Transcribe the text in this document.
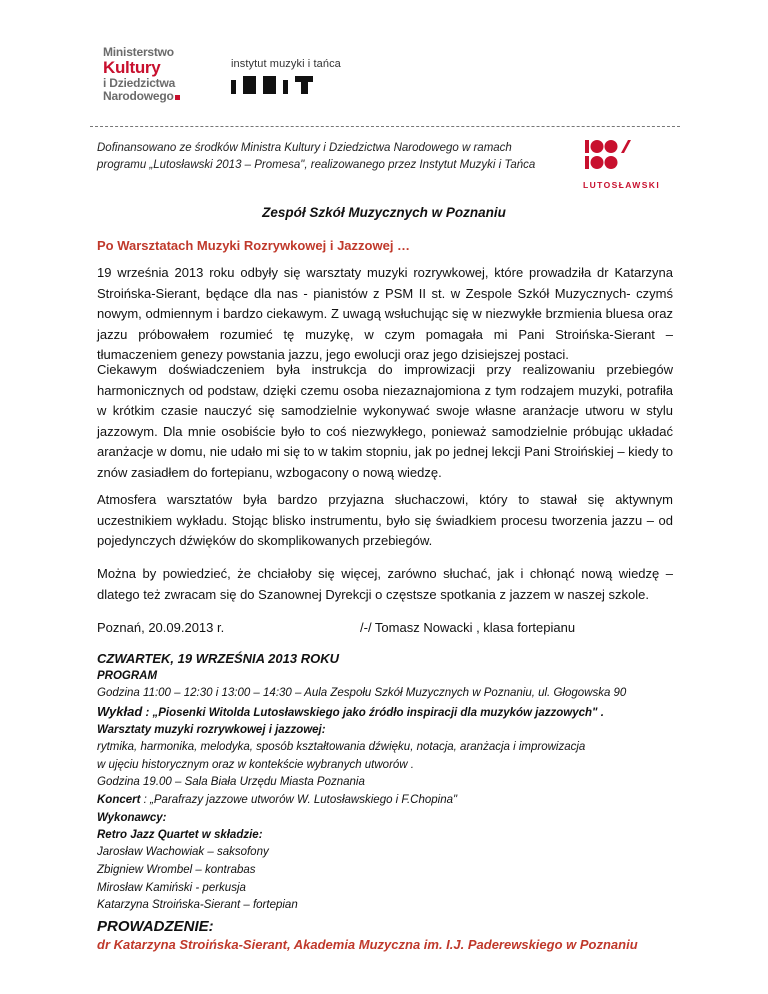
Ministerstwo
Kultury
i Dziedzictwa
Narodowego
instytut muzyki i tańca
Dofinansowano ze środków Ministra Kultury i Dziedzictwa Narodowego w ramach
programu „Lutosławski 2013 – Promesa", realizowanego przez Instytut Muzyki i Tańca
LUTOSŁAWSKI
Zespół Szkół Muzycznych w Poznaniu
Po Warsztatach Muzyki Rozrywkowej i Jazzowej …
19 września 2013 roku odbyły się warsztaty muzyki rozrywkowej, które prowadziła dr Katarzyna Stroińska-Sierant, będące dla nas - pianistów z PSM II st. w Zespole Szkół Muzycznych- czymś nowym, odmiennym i bardzo ciekawym. Z uwagą wsłuchując się w niezwykłe brzmienia bluesa oraz jazzu próbowałem rozumieć tę muzykę, w czym pomagała mi Pani Stroińska-Sierant – tłumaczeniem genezy powstania jazzu, jego ewolucji oraz jego dzisiejszej postaci.
Ciekawym doświadczeniem była instrukcja do improwizacji przy realizowaniu przebiegów harmonicznych od podstaw, dzięki czemu osoba niezaznajomiona z tym rodzajem muzyki, potrafiła w krótkim czasie nauczyć się samodzielnie wykonywać swoje własne aranżacje utworu w stylu jazzowym. Dla mnie osobiście było to coś niezwykłego, ponieważ samodzielnie próbując układać aranżacje w domu, nie udało mi się to w takim stopniu, jak po jednej lekcji Pani Stroińskiej – kiedy to znów zasiadłem do fortepianu, wzbogacony o nową wiedzę.
Atmosfera warsztatów była bardzo przyjazna słuchaczowi, który to stawał się aktywnym uczestnikiem wykładu. Stojąc blisko instrumentu, było się świadkiem procesu tworzenia jazzu – od pojedynczych dźwięków do skomplikowanych przebiegów.
Można by powiedzieć, że chciałoby się więcej, zarówno słuchać, jak i chłonąć nową wiedzę – dlatego też zwracam się do Szanownej Dyrekcji o częstsze spotkania z jazzem w naszej szkole.
Poznań, 20.09.2013 r.	/-/ Tomasz Nowacki , klasa fortepianu
CZWARTEK, 19 WRZEŚNIA 2013 ROKU
PROGRAM
Godzina 11:00 – 12:30 i 13:00 – 14:30 – Aula Zespołu Szkół Muzycznych w Poznaniu, ul. Głogowska 90
Wykład : „Piosenki Witolda Lutosławskiego jako źródło inspiracji dla muzyków jazzowych" .
Warsztaty muzyki rozrywkowej i jazzowej:
rytmika, harmonika, melodyka, sposób kształtowania dźwięku, notacja, aranżacja i improwizacja
w ujęciu historycznym oraz w kontekście wybranych utworów .
Godzina 19.00 – Sala Biała Urzędu Miasta Poznania
Koncert : „Parafrazy jazzowe utworów W. Lutosławskiego i F.Chopina"
Wykonawcy:
Retro Jazz Quartet w składzie:
Jarosław Wachowiak – saksofony
Zbigniew Wrombel – kontrabas
Mirosław Kamiński - perkusja
Katarzyna Stroińska-Sierant – fortepian
PROWADZENIE:
dr Katarzyna Stroińska-Sierant, Akademia Muzyczna im. I.J. Paderewskiego w Poznaniu
